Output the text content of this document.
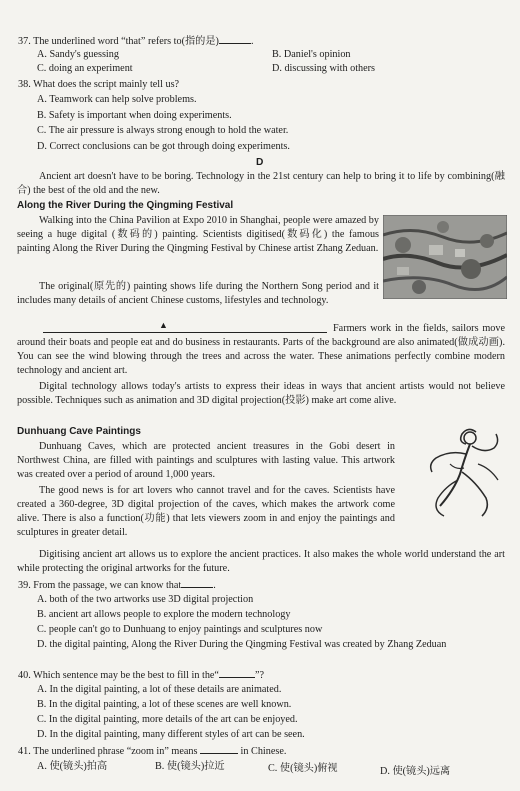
37. The underlined word “that” refers to(指的是)	.
A. Sandy's guessing	B. Daniel's opinion
C. doing an experiment	D. discussing with others
38. What does the script mainly tell us?
A. Teamwork can help solve problems.
B. Safety is important when doing experiments.
C. The air pressure is always strong enough to hold the water.
D. Correct conclusions can be got through doing experiments.
D
Ancient art doesn't have to be boring. Technology in the 21st century can help to bring it to life by combining(融合) the best of the old and the new.
Along the River During the Qingming Festival
Walking into the China Pavilion at Expo 2010 in Shanghai, people were amazed by seeing a huge digital (数码的) painting. Scientists digitised(数码化) the famous painting Along the River During the Qingming Festival by Chinese artist Zhang Zeduan.
The original(原先的) painting shows life during the Northern Song period and it includes many details of ancient Chinese customs, lifestyles and technology.
▲	Farmers work in the fields, sailors move around their boats and people eat and do business in restaurants. Parts of the background are also animated(做成动画). You can see the wind blowing through the trees and across the water. These animations perfectly combine modern technology and ancient art.
Digital technology allows today's artists to express their ideas in ways that ancient artists would not believe possible. Techniques such as animation and 3D digital projection(投影) make art come alive.
Dunhuang Cave Paintings
Dunhuang Caves, which are protected ancient treasures in the Gobi desert in Northwest China, are filled with paintings and sculptures with lasting value. This artwork was created over a period of around 1,000 years.
The good news is for art lovers who cannot travel and for the caves. Scientists have created a 360-degree, 3D digital projection of the caves, which makes the artwork come alive. There is also a function(功能) that lets viewers zoom in and enjoy the paintings and sculptures in greater detail.
Digitising ancient art allows us to explore the ancient practices. It also makes the whole world understand the art while protecting the original artworks for the future.
39. From the passage, we can know that	.
A. both of the two artworks use 3D digital projection
B. ancient art allows people to explore the modern technology
C. people can't go to Dunhuang to enjoy paintings and sculptures now
D. the digital painting, Along the River During the Qingming Festival was created by Zhang Zeduan
40. Which sentence may be the best to fill in the“	”?
A. In the digital painting, a lot of these details are animated.
B. In the digital painting, a lot of these scenes are well known.
C. In the digital painting, more details of the art can be enjoyed.
D. In the digital painting, many different styles of art can be seen.
41. The underlined phrase “zoom in” means	in Chinese.
A. 使(镜头)拍高	B. 使(镜头)拉近	C. 使(镜头)俯视	D. 使(镜头)远离
